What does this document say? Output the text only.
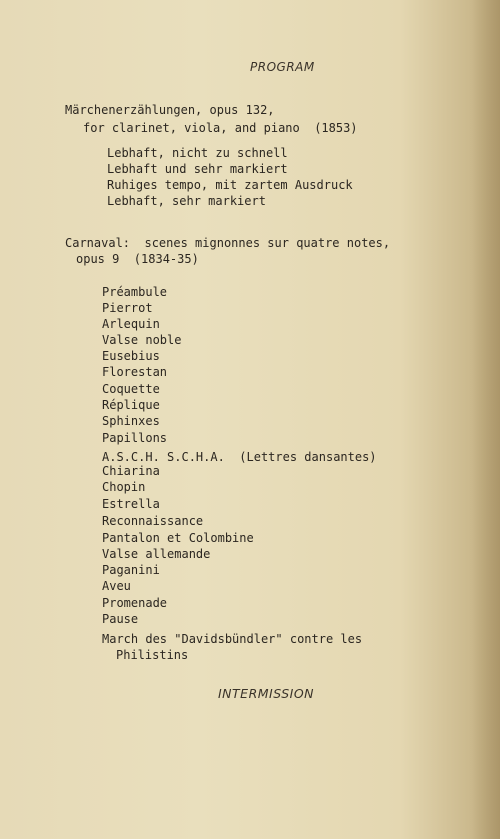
PROGRAM
Märchenerzählungen, opus 132,
for clarinet, viola, and piano  (1853)
Lebhaft, nicht zu schnell
Lebhaft und sehr markiert
Ruhiges tempo, mit zartem Ausdruck
Lebhaft, sehr markiert
Carnaval:  scenes mignonnes sur quatre notes,
opus 9  (1834-35)
Préambule
Pierrot
Arlequin
Valse noble
Eusebius
Florestan
Coquette
Réplique
Sphinxes
Papillons
A.S.C.H. S.C.H.A.  (Lettres dansantes)
Chiarina
Chopin
Estrella
Reconnaissance
Pantalon et Colombine
Valse allemande
Paganini
Aveu
Promenade
Pause
March des "Davidsbündler" contre les
Philistins
INTERMISSION
